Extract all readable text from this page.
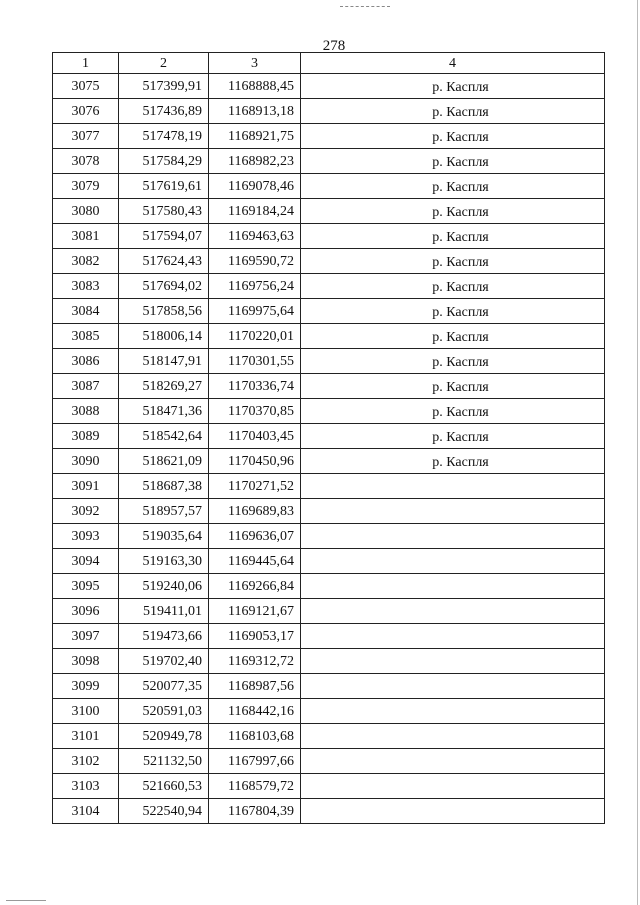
278
1	2	3	4
3075	517399,91	1168888,45	р. Каспля
3076	517436,89	1168913,18	р. Каспля
3077	517478,19	1168921,75	р. Каспля
3078	517584,29	1168982,23	р. Каспля
3079	517619,61	1169078,46	р. Каспля
3080	517580,43	1169184,24	р. Каспля
3081	517594,07	1169463,63	р. Каспля
3082	517624,43	1169590,72	р. Каспля
3083	517694,02	1169756,24	р. Каспля
3084	517858,56	1169975,64	р. Каспля
3085	518006,14	1170220,01	р. Каспля
3086	518147,91	1170301,55	р. Каспля
3087	518269,27	1170336,74	р. Каспля
3088	518471,36	1170370,85	р. Каспля
3089	518542,64	1170403,45	р. Каспля
3090	518621,09	1170450,96	р. Каспля
3091	518687,38	1170271,52	
3092	518957,57	1169689,83	
3093	519035,64	1169636,07	
3094	519163,30	1169445,64	
3095	519240,06	1169266,84	
3096	519411,01	1169121,67	
3097	519473,66	1169053,17	
3098	519702,40	1169312,72	
3099	520077,35	1168987,56	
3100	520591,03	1168442,16	
3101	520949,78	1168103,68	
3102	521132,50	1167997,66	
3103	521660,53	1168579,72	
3104	522540,94	1167804,39	
